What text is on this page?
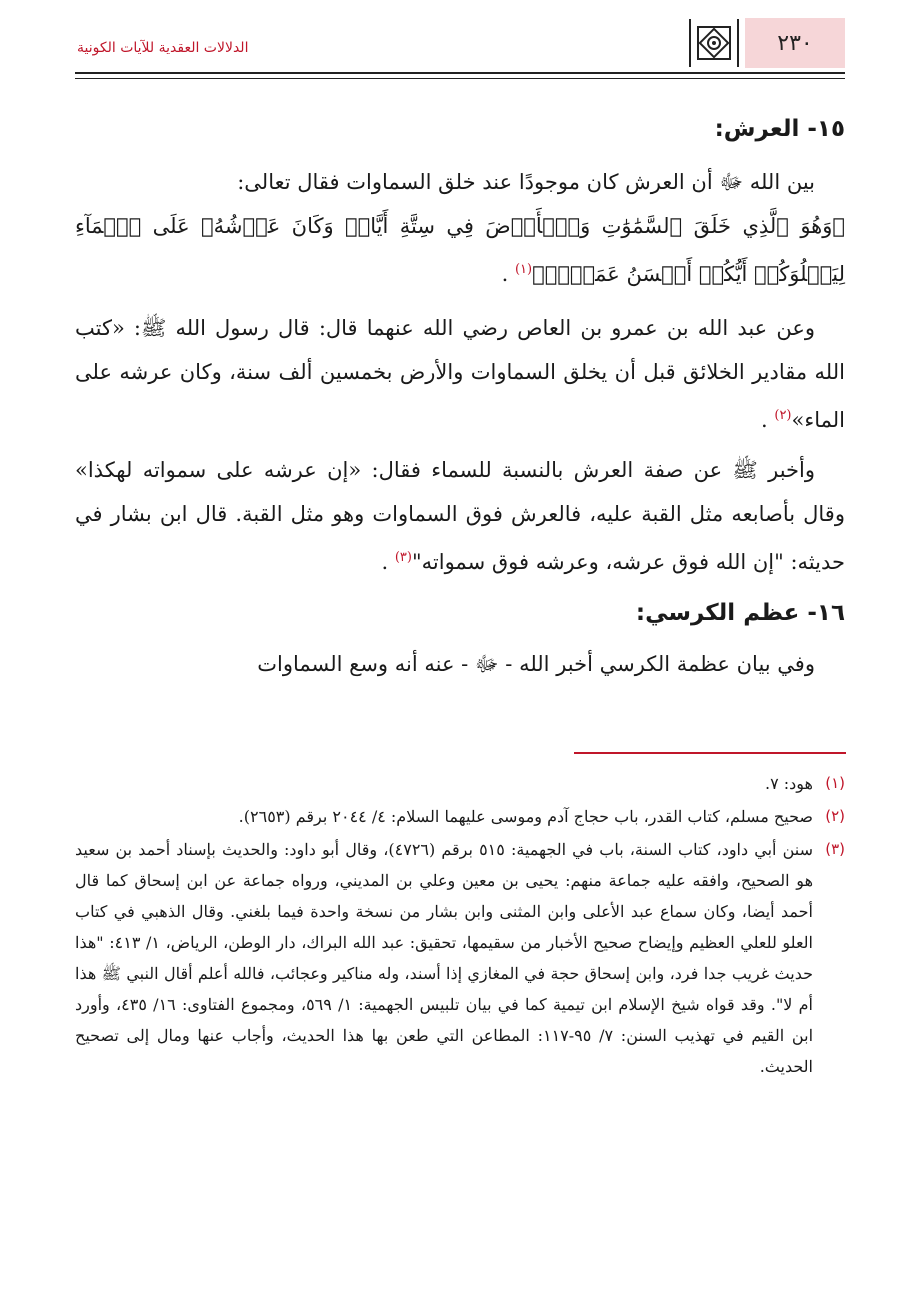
٢٣٠
الدلالات العقدية للآيات الكونية
١٥- العرش:

بين الله ﷻ أن العرش كان موجودًا عند خلق السماوات فقال تعالى:

﴿وَهُوَ ٱلَّذِي خَلَقَ ٱلسَّمَٰوَٰتِ وَٱلۡأَرۡضَ فِي سِتَّةِ أَيَّامٖ وَكَانَ عَرۡشُهُۥ عَلَى ٱلۡمَآءِ لِيَبۡلُوَكُمۡ أَيُّكُمۡ أَحۡسَنُ عَمَلٗاۗ﴾$^{(١)}$ .

وعن عبد الله بن عمرو بن العاص رضي الله عنهما قال: قال رسول الله ﷺ: «كتب الله مقادير الخلائق قبل أن يخلق السماوات والأرض بخمسين ألف سنة، وكان عرشه على الماء»$^{(٢)}$ .

وأخبر ﷺ عن صفة العرش بالنسبة للسماء فقال: «إن عرشه على سمواته لهكذا» وقال بأصابعه مثل القبة عليه، فالعرش فوق السماوات وهو مثل القبة. قال ابن بشار في حديثه: "إن الله فوق عرشه، وعرشه فوق سمواته"$^{(٣)}$ .

١٦- عظم الكرسي:

وفي بيان عظمة الكرسي أخبر الله - ﷻ - عنه أنه وسع السماوات

(١)
هود: ٧.
(٢)
صحيح مسلم، كتاب القدر، باب حجاج آدم وموسى عليهما السلام: ٤/ ٢٠٤٤ برقم (٢٦٥٣).
(٣)
سنن أبي داود، كتاب السنة، باب في الجهمية: ٥١٥ برقم (٤٧٢٦)، وقال أبو داود: والحديث بإسناد أحمد بن سعيد هو الصحيح، وافقه عليه جماعة منهم: يحيى بن معين وعلي بن المديني، ورواه جماعة عن ابن إسحاق كما قال أحمد أيضا، وكان سماع عبد الأعلى وابن المثنى وابن بشار من نسخة واحدة فيما بلغني. وقال الذهبي في كتاب العلو للعلي العظيم وإيضاح صحيح الأخبار من سقيمها، تحقيق: عبد الله البراك، دار الوطن، الرياض، ١/ ٤١٣: "هذا حديث غريب جدا فرد، وابن إسحاق حجة في المغازي إذا أسند، وله مناكير وعجائب، فالله أعلم أقال النبي ﷺ هذا أم لا". وقد قواه شيخ الإسلام ابن تيمية كما في بيان تلبيس الجهمية: ١/ ٥٦٩، ومجموع الفتاوى: ١٦/ ٤٣٥، وأورد ابن القيم في تهذيب السنن: ٧/ ٩٥-١١٧: المطاعن التي طعن بها هذا الحديث، وأجاب عنها ومال إلى تصحيح الحديث.
